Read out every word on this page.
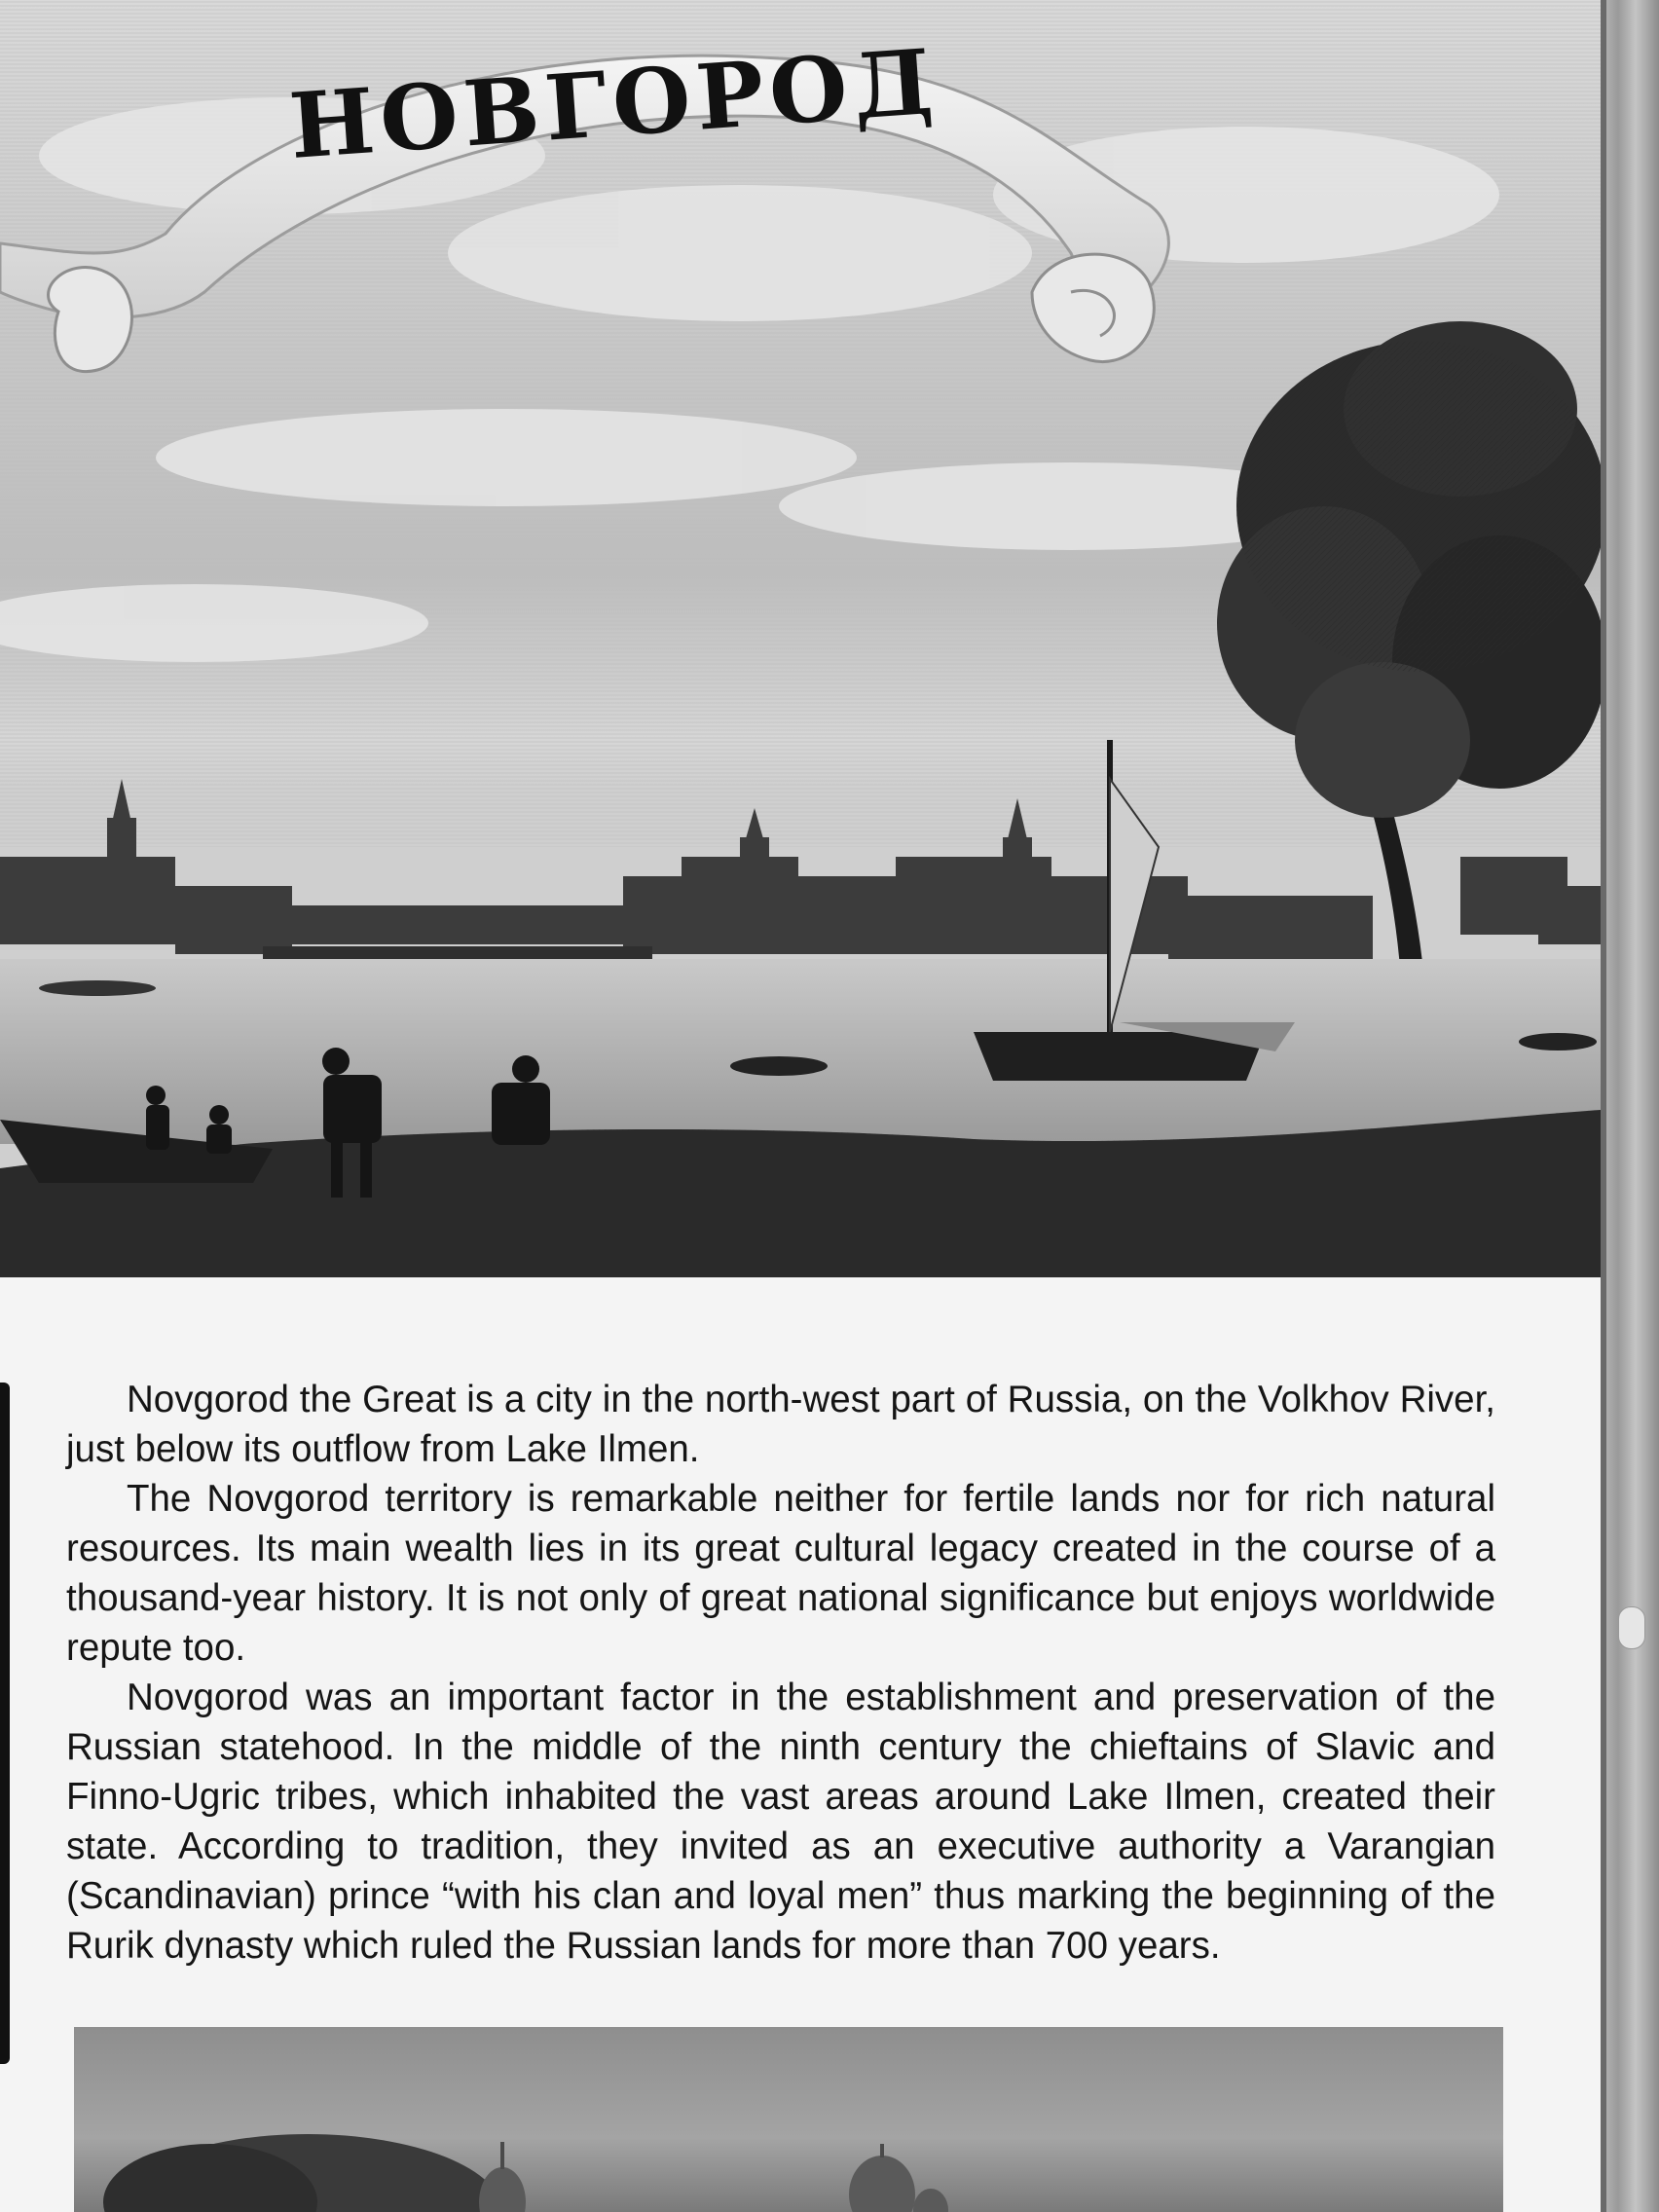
НОВГОРОД

Novgorod the Great is a city in the north-west part of Russia, on the Volkhov River, just below its outflow from Lake Ilmen.

The Novgorod territory is remarkable neither for fertile lands nor for rich natural resources. Its main wealth lies in its great cultural legacy created in the course of a thousand-year history. It is not only of great national significance but enjoys worldwide repute too.

Novgorod was an important factor in the establishment and preservation of the Russian statehood. In the middle of the ninth century the chieftains of Slavic and Finno-Ugric tribes, which inhabited the vast areas around Lake Ilmen, created their state. According to tradition, they invited as an executive authority a Varangian (Scandinavian) prince “with his clan and loyal men” thus marking the beginning of the Rurik dynasty which ruled the Russian lands for more than 700 years.
